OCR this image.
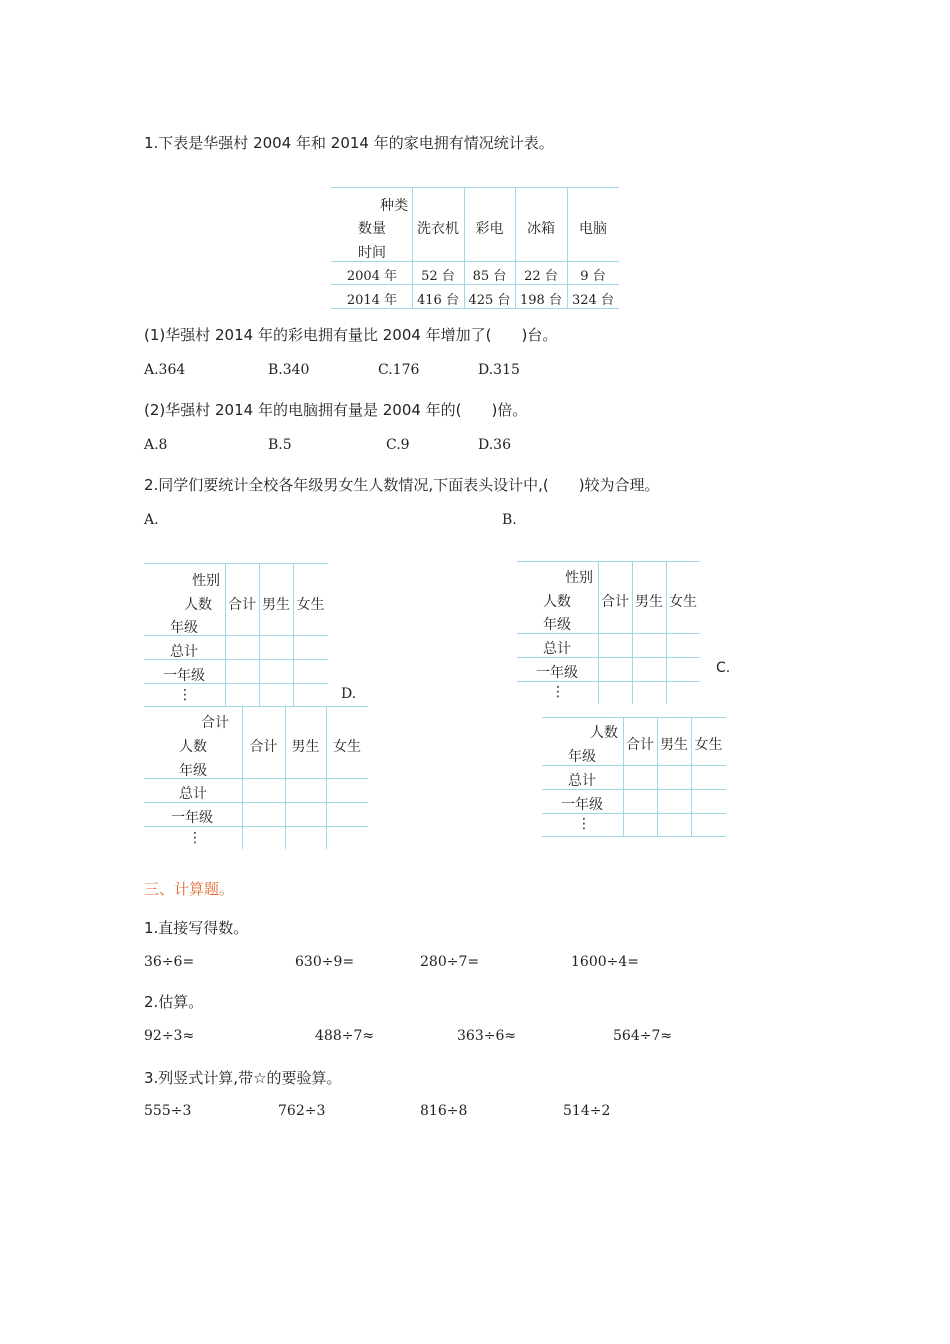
1.下表是华强村 2004 年和 2014 年的家电拥有情况统计表。
种类
数量
时间
洗衣机	彩电	冰箱	电脑
2004 年	52 台	85 台	22 台	9 台
2014 年	416 台 425 台 198 台 324 台
(1)华强村 2014 年的彩电拥有量比 2004 年增加了(　　)台。
A.364	B.340	C.176	D.315
(2)华强村 2014 年的电脑拥有量是 2004 年的(　　)倍。
A.8	B.5	C.9	D.36
2.同学们要统计全校各年级男女生人数情况,下面表头设计中,(　　)较为合理。
A.	B.
性别
人数
年级
合计 男生 女生
总计
一年级
⋮
性别
人数
年级
合计 男生 女生
总计
一年级
⋮
C.
D.
合计
人数
年级
合计	男生 女生
总计
一年级
⋮
人数
年级
合计 男生 女生
总计
一年级
⋮
三、计算题。
1.直接写得数。
36÷6=	630÷9=	280÷7=	1600÷4=
2.估算。
92÷3≈	488÷7≈	363÷6≈	564÷7≈
3.列竖式计算,带☆的要验算。
555÷3	762÷3	816÷8	514÷2
